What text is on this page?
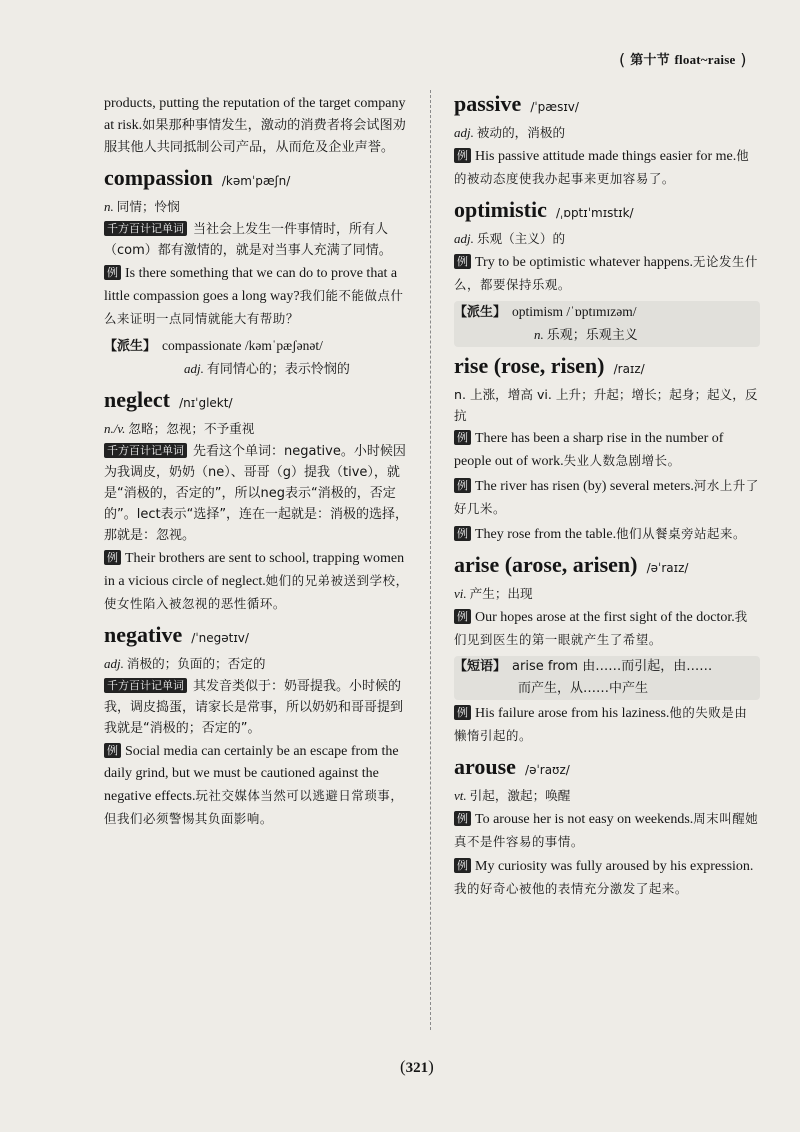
( 第十节 float~raise )

products, putting the reputation of the target company at risk.如果那种事情发生，激动的消费者将会试图劝服其他人共同抵制公司产品，从而危及企业声誉。

compassion /kəmˈpæʃn/

n. 同情；怜悯

千方百计记单词 当社会上发生一件事情时，所有人（com）都有激情的，就是对当事人充满了同情。

例 Is there something that we can do to prove that a little compassion goes a long way?我们能不能做点什么来证明一点同情就能大有帮助？

【派生】 compassionate /kəmˈpæʃənət/
adj. 有同情心的；表示怜悯的

neglect /nɪˈglekt/

n./v. 忽略；忽视；不予重视

千方百计记单词 先看这个单词：negative。小时候因为我调皮，奶奶（ne）、哥哥（g）提我（tive），就是“消极的，否定的”，所以neg表示“消极的，否定的”。lect表示“选择”，连在一起就是：消极的选择，那就是：忽视。

例 Their brothers are sent to school, trapping women in a vicious circle of neglect.她们的兄弟被送到学校，使女性陷入被忽视的恶性循环。

negative /ˈnegətɪv/

adj. 消极的；负面的；否定的

千方百计记单词 其发音类似于：奶哥提我。小时候的我，调皮捣蛋，请家长是常事，所以奶奶和哥哥提到我就是“消极的；否定的”。

例 Social media can certainly be an escape from the daily grind, but we must be cautioned against the negative effects.玩社交媒体当然可以逃避日常琐事，但我们必须警惕其负面影响。

passive /ˈpæsɪv/

adj. 被动的，消极的

例 His passive attitude made things easier for me.他的被动态度使我办起事来更加容易了。

optimistic /ˌɒptɪˈmɪstɪk/

adj. 乐观（主义）的

例 Try to be optimistic whatever happens.无论发生什么，都要保持乐观。

【派生】 optimism /ˈɒptɪmɪzəm/
n. 乐观；乐观主义

rise (rose, risen) /raɪz/

n. 上涨，增高 vi. 上升；升起；增长；起身；起义，反抗

例 There has been a sharp rise in the number of people out of work.失业人数急剧增长。

例 The river has risen (by) several meters.河水上升了好几米。

例 They rose from the table.他们从餐桌旁站起来。

arise (arose, arisen) /əˈraɪz/

vi. 产生；出现

例 Our hopes arose at the first sight of the doctor.我们见到医生的第一眼就产生了希望。

【短语】 arise from 由……而引起，由……
而产生，从……中产生

例 His failure arose from his laziness.他的失败是由懒惰引起的。

arouse /əˈraʊz/

vt. 引起，激起；唤醒

例 To arouse her is not easy on weekends.周末叫醒她真不是件容易的事情。

例 My curiosity was fully aroused by his expression.我的好奇心被他的表情充分激发了起来。

(321)
